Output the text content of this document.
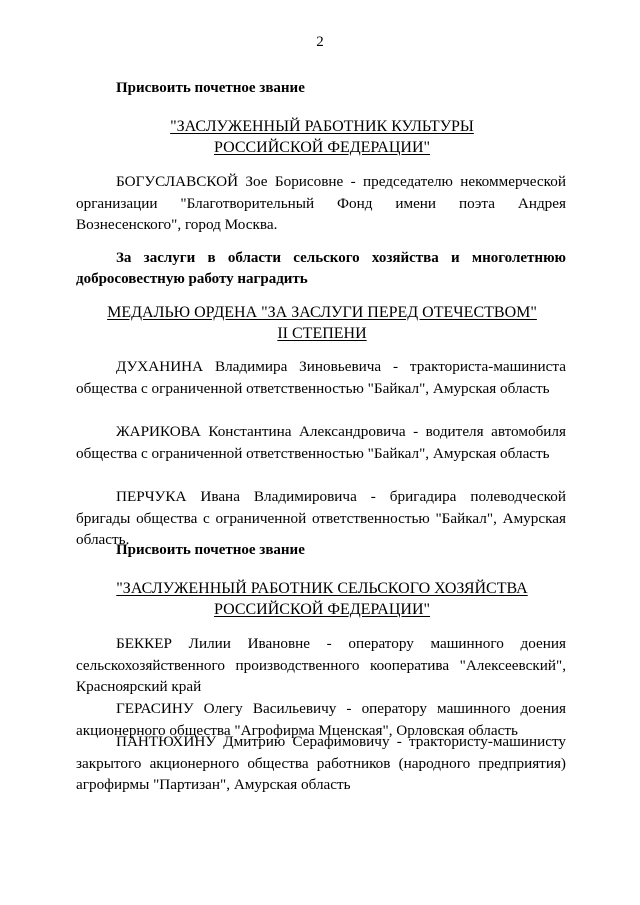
2
Присвоить почетное звание
"ЗАСЛУЖЕННЫЙ РАБОТНИК КУЛЬТУРЫ
РОССИЙСКОЙ ФЕДЕРАЦИИ"
БОГУСЛАВСКОЙ Зое Борисовне - председателю некоммерческой организации "Благотворительный Фонд имени поэта Андрея Вознесенского", город Москва.
За заслуги в области сельского хозяйства и многолетнюю добросовестную работу наградить
МЕДАЛЬЮ ОРДЕНА "ЗА ЗАСЛУГИ ПЕРЕД ОТЕЧЕСТВОМ"
II СТЕПЕНИ
ДУХАНИНА Владимира Зиновьевича - тракториста-машиниста общества с ограниченной ответственностью "Байкал", Амурская область
ЖАРИКОВА Константина Александровича - водителя автомобиля общества с ограниченной ответственностью "Байкал", Амурская область
ПЕРЧУКА Ивана Владимировича - бригадира полеводческой бригады общества с ограниченной ответственностью "Байкал", Амурская область.
Присвоить почетное звание
"ЗАСЛУЖЕННЫЙ РАБОТНИК СЕЛЬСКОГО ХОЗЯЙСТВА
РОССИЙСКОЙ ФЕДЕРАЦИИ"
БЕККЕР Лилии Ивановне - оператору машинного доения сельскохозяйственного производственного кооператива "Алексеевский", Красноярский край
ГЕРАСИНУ Олегу Васильевичу - оператору машинного доения акционерного общества "Агрофирма Мценская", Орловская область
ПАНТЮХИНУ Дмитрию Серафимовичу - трактористу-машинисту закрытого акционерного общества работников (народного предприятия) агрофирмы "Партизан", Амурская область
